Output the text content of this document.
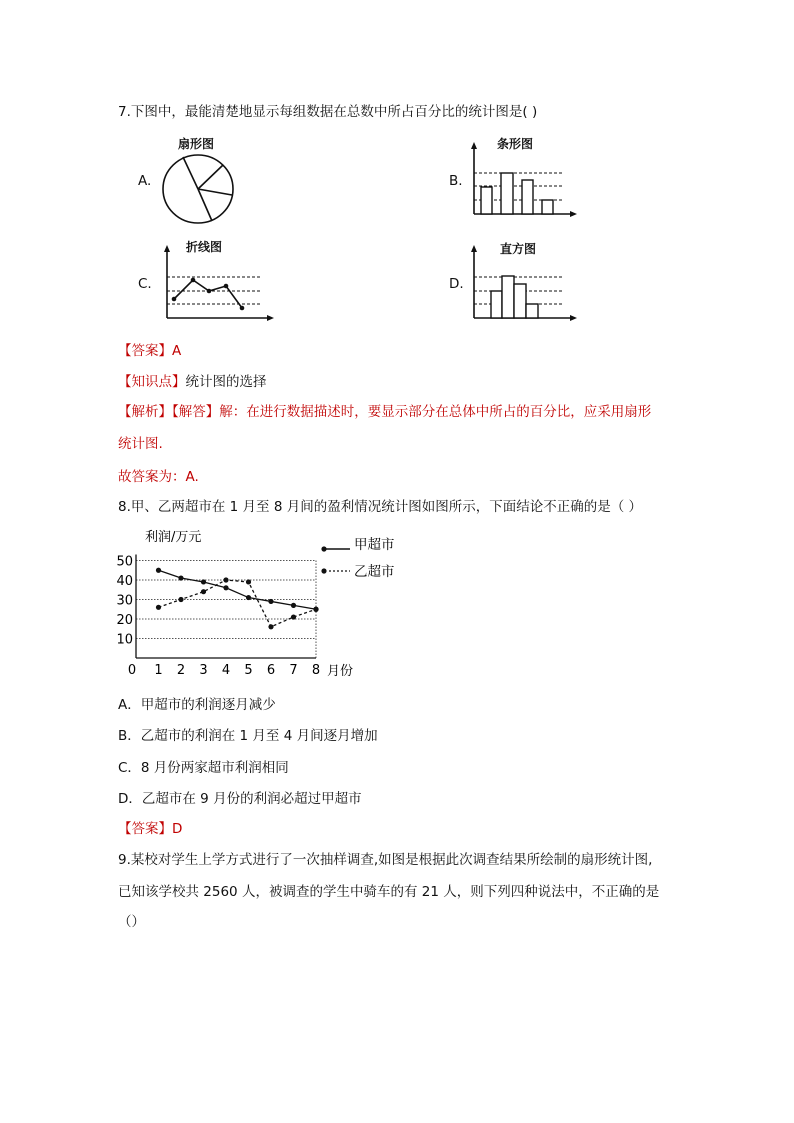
7.下图中，最能清楚地显示每组数据在总数中所占百分比的统计图是( )
A.
扇形图
B.
条形图
C.
折线图
D.
直方图
【答案】A
【知识点】统计图的选择
【解析】【解答】解：在进行数据描述时，要显示部分在总体中所占的百分比，应采用扇形
统计图.
故答案为：A.
8.甲、乙两超市在 1 月至 8 月间的盈利情况统计图如图所示，下面结论不正确的是（ ）
利润/万元
月份
10
20
30
40
50
0 1 2 3 4 5 6 7 8
甲超市
乙超市
A．甲超市的利润逐月减少
B．乙超市的利润在 1 月至 4 月间逐月增加
C．8 月份两家超市利润相同
D．乙超市在 9 月份的利润必超过甲超市
【答案】D
9.某校对学生上学方式进行了一次抽样调查,如图是根据此次调查结果所绘制的扇形统计图,
已知该学校共 2560 人，被调查的学生中骑车的有 21 人，则下列四种说法中，不正确的是
（）
